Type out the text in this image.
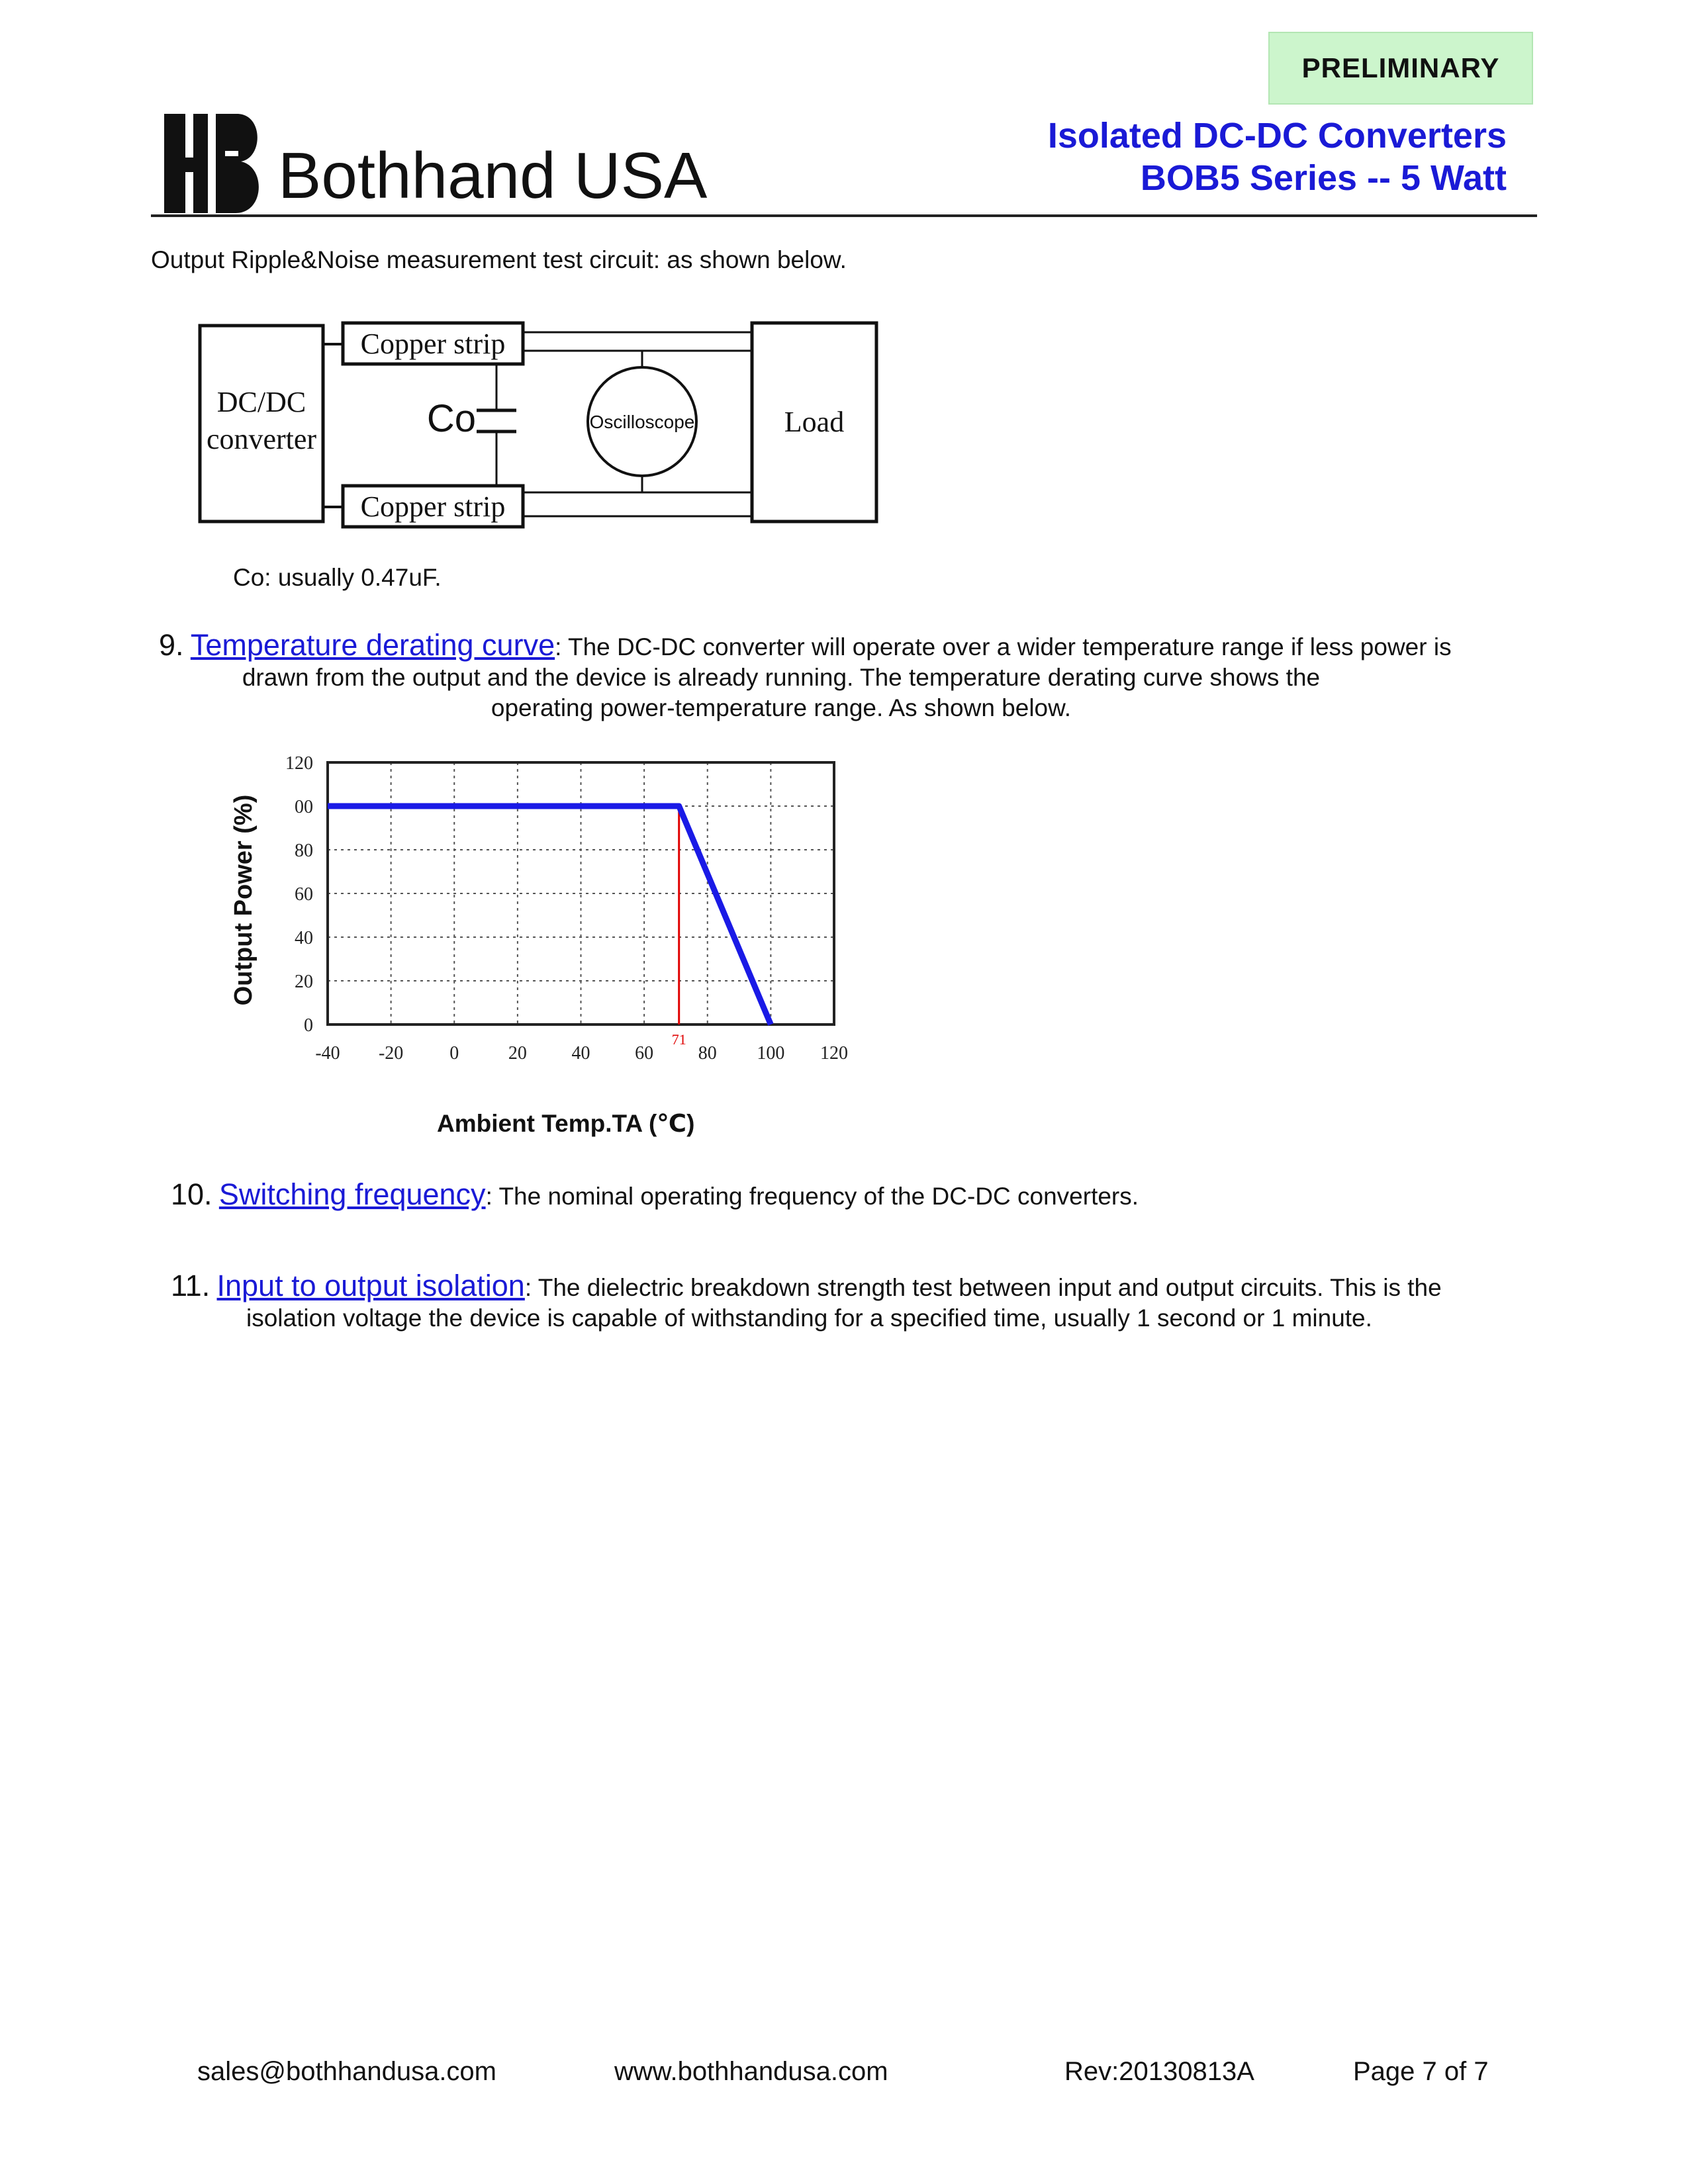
PRELIMINARY
Bothhand USA
Isolated DC-DC Converters
BOB5 Series -- 5 Watt
Output Ripple&Noise measurement test circuit: as shown below.
DC/DC
converter
Copper strip
Copper strip
Load
Co	Oscilloscope
Co: usually 0.47uF.
9. Temperature derating curve: The DC-DC converter will operate over a wider temperature range if less power is
drawn from the output and the device is already running. The temperature derating curve shows the operating power-temperature range. As shown below.
-40 -20 0	20 40 60 80 100 120
0
20
40
60
80
00
120
Output Power (%)
71
Ambient Temp.TA (℃)
10. Switching frequency: The nominal operating frequency of the DC-DC converters.
11. Input to output isolation: The dielectric breakdown strength test between input and output circuits. This is the
isolation voltage the device is capable of withstanding for a specified time, usually 1 second or 1 minute.
sales@bothhandusa.com	www.bothhandusa.com	Rev:20130813A	Page 7 of 7
